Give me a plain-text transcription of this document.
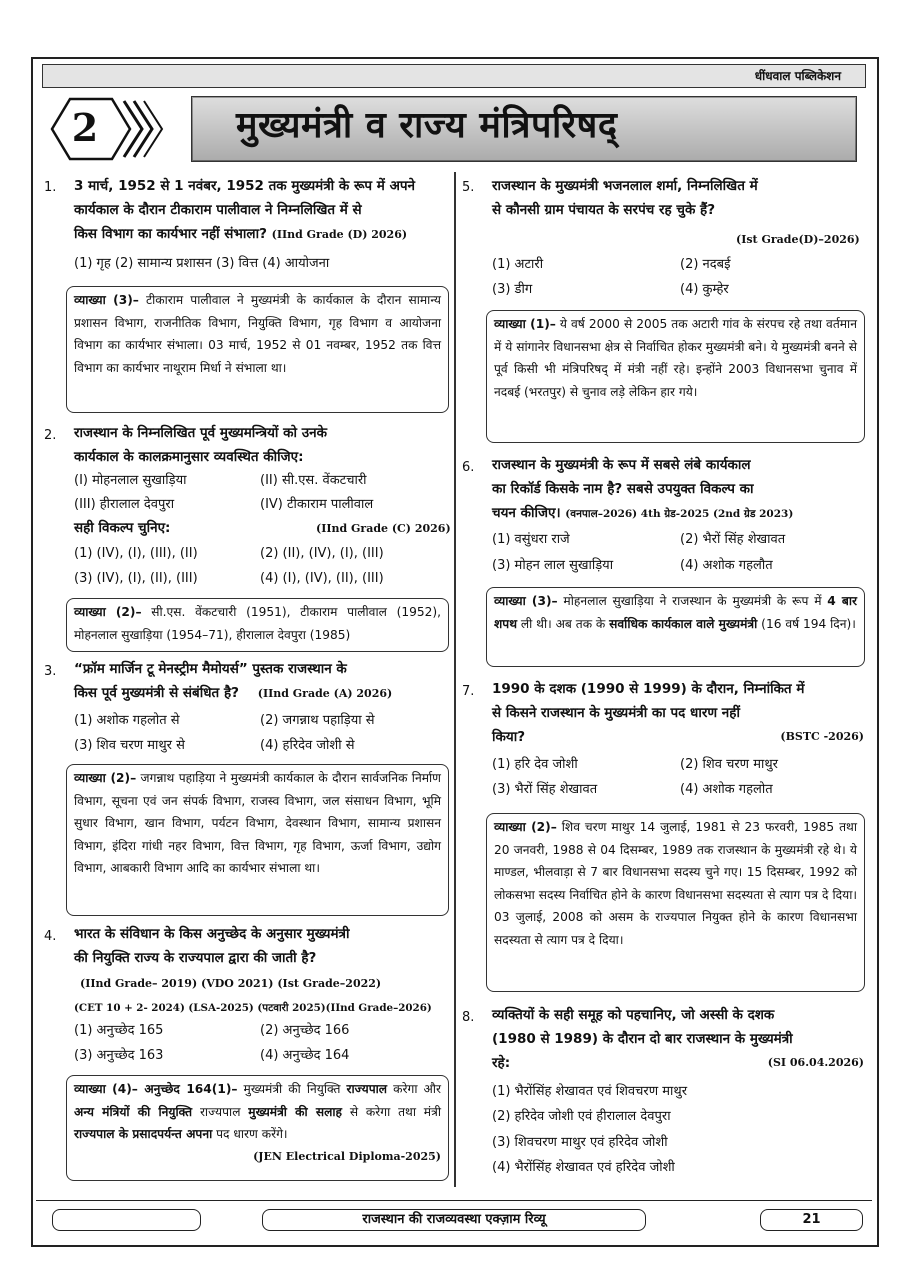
धींधवाल पब्लिकेशन
2	मुख्यमंत्री व राज्य मंत्रिपरिषद्
1. 3 मार्च, 1952 से 1 नवंबर, 1952 तक मुख्यमंत्री के रूप में अपने
कार्यकाल के दौरान टीकाराम पालीवाल ने निम्नलिखित में से
किस विभाग का कार्यभार नहीं संभाला? (IInd Grade (D) 2026)
(1) गृह (2) सामान्य प्रशासन (3) वित्त (4) आयोजना
व्याख्या (3)– टीकाराम पालीवाल ने मुख्यमंत्री के कार्यकाल के दौरान सामान्य प्रशासन विभाग, राजनीतिक विभाग, नियुक्ति विभाग, गृह विभाग व आयोजना विभाग का कार्यभार संभाला। 03 मार्च, 1952 से 01 नवम्बर, 1952 तक वित्त विभाग का कार्यभार नाथूराम मिर्धा ने संभाला था।
2. राजस्थान के निम्नलिखित पूर्व मुख्यमन्त्रियों को उनके
कार्यकाल के कालक्रमानुसार व्यवस्थित कीजिए:
(I) मोहनलाल सुखाड़िया	(II) सी.एस. वेंकटचारी
(III) हीरालाल देवपुरा	(IV) टीकाराम पालीवाल
सही विकल्प चुनिए:	(IInd Grade (C) 2026)
(1) (IV), (I), (III), (II)	(2) (II), (IV), (I), (III)
(3) (IV), (I), (II), (III)	(4) (I), (IV), (II), (III)
व्याख्या (2)– सी.एस. वेंकटचारी (1951), टीकाराम पालीवाल (1952), मोहनलाल सुखाड़िया (1954–71), हीरालाल देवपुरा (1985)
3. “फ्रॉम मार्जिन टू मेनस्ट्रीम मैमोयर्स” पुस्तक राजस्थान के
किस पूर्व मुख्यमंत्री से संबंधित है? (IInd Grade (A) 2026)
(1) अशोक गहलोत से	(2) जगन्नाथ पहाड़िया से
(3) शिव चरण माथुर से	(4) हरिदेव जोशी से
व्याख्या (2)– जगन्नाथ पहाड़िया ने मुख्यमंत्री कार्यकाल के दौरान सार्वजनिक निर्माण विभाग, सूचना एवं जन संपर्क विभाग, राजस्व विभाग, जल संसाधन विभाग, भूमि सुधार विभाग, खान विभाग, पर्यटन विभाग, देवस्थान विभाग, सामान्य प्रशासन विभाग, इंदिरा गांधी नहर विभाग, वित्त विभाग, गृह विभाग, ऊर्जा विभाग, उद्योग विभाग, आबकारी विभाग आदि का कार्यभार संभाला था।
4. भारत के संविधान के किस अनुच्छेद के अनुसार मुख्यमंत्री
की नियुक्ति राज्य के राज्यपाल द्वारा की जाती है?
(IInd Grade– 2019) (VDO 2021) (Ist Grade–2022)
(CET 10 + 2- 2024) (LSA-2025) (पटवारी 2025)(IInd Grade–2026)
(1) अनुच्छेद 165	(2) अनुच्छेद 166
(3) अनुच्छेद 163	(4) अनुच्छेद 164
व्याख्या (4)– अनुच्छेद 164(1)– मुख्यमंत्री की नियुक्ति राज्यपाल करेगा और अन्य मंत्रियों की नियुक्ति राज्यपाल मुख्यमंत्री की सलाह से करेगा तथा मंत्री राज्यपाल के प्रसादपर्यन्त अपना पद धारण करेंगे।
(JEN Electrical Diploma-2025)
5. राजस्थान के मुख्यमंत्री भजनलाल शर्मा, निम्नलिखित में
से कौनसी ग्राम पंचायत के सरपंच रह चुके हैं?
(Ist Grade(D)–2026)
(1) अटारी	(2) नदबई
(3) डीग	(4) कुम्हेर
व्याख्या (1)– ये वर्ष 2000 से 2005 तक अटारी गांव के संरपच रहे तथा वर्तमान में ये सांगानेर विधानसभा क्षेत्र से निर्वाचित होकर मुख्यमंत्री बने। ये मुख्यमंत्री बनने से पूर्व किसी भी मंत्रिपरिषद् में मंत्री नहीं रहे। इन्होंने 2003 विधानसभा चुनाव में नदबई (भरतपुर) से चुनाव लड़े लेकिन हार गये।
6. राजस्थान के मुख्यमंत्री के रूप में सबसे लंबे कार्यकाल
का रिकॉर्ड किसके नाम है? सबसे उपयुक्त विकल्प का
चयन कीजिए। (वनपाल–2026) 4th ग्रेड-2025 (2nd ग्रेड 2023)
(1) वसुंधरा राजे	(2) भैरों सिंह शेखावत
(3) मोहन लाल सुखाड़िया	(4) अशोक गहलौत
व्याख्या (3)– मोहनलाल सुखाड़िया ने राजस्थान के मुख्यमंत्री के रूप में 4 बार शपथ ली थी। अब तक के सर्वाधिक कार्यकाल वाले मुख्यमंत्री (16 वर्ष 194 दिन)।
7. 1990 के दशक (1990 से 1999) के दौरान, निम्नांकित में
से किसने राजस्थान के मुख्यमंत्री का पद धारण नहीं
किया?	(BSTC -2026)
(1) हरि देव जोशी	(2) शिव चरण माथुर
(3) भैरों सिंह शेखावत	(4) अशोक गहलोत
व्याख्या (2)– शिव चरण माथुर 14 जुलाई, 1981 से 23 फरवरी, 1985 तथा 20 जनवरी, 1988 से 04 दिसम्बर, 1989 तक राजस्थान के मुख्यमंत्री रहे थे। ये माण्डल, भीलवाड़ा से 7 बार विधानसभा सदस्य चुने गए। 15 दिसम्बर, 1992 को लोकसभा सदस्य निर्वाचित होने के कारण विधानसभा सदस्यता से त्याग पत्र दे दिया। 03 जुलाई, 2008 को असम के राज्यपाल नियुक्त होने के कारण विधानसभा सदस्यता से त्याग पत्र दे दिया।
8. व्यक्तियों के सही समूह को पहचानिए, जो अस्सी के दशक
(1980 से 1989) के दौरान दो बार राजस्थान के मुख्यमंत्री
रहे:	(SI 06.04.2026)
(1) भैरोंसिंह शेखावत एवं शिवचरण माथुर
(2) हरिदेव जोशी एवं हीरालाल देवपुरा
(3) शिवचरण माथुर एवं हरिदेव जोशी
(4) भैरोंसिंह शेखावत एवं हरिदेव जोशी
राजस्थान की राजव्यवस्था एक्ज़ाम रिव्यू	21
